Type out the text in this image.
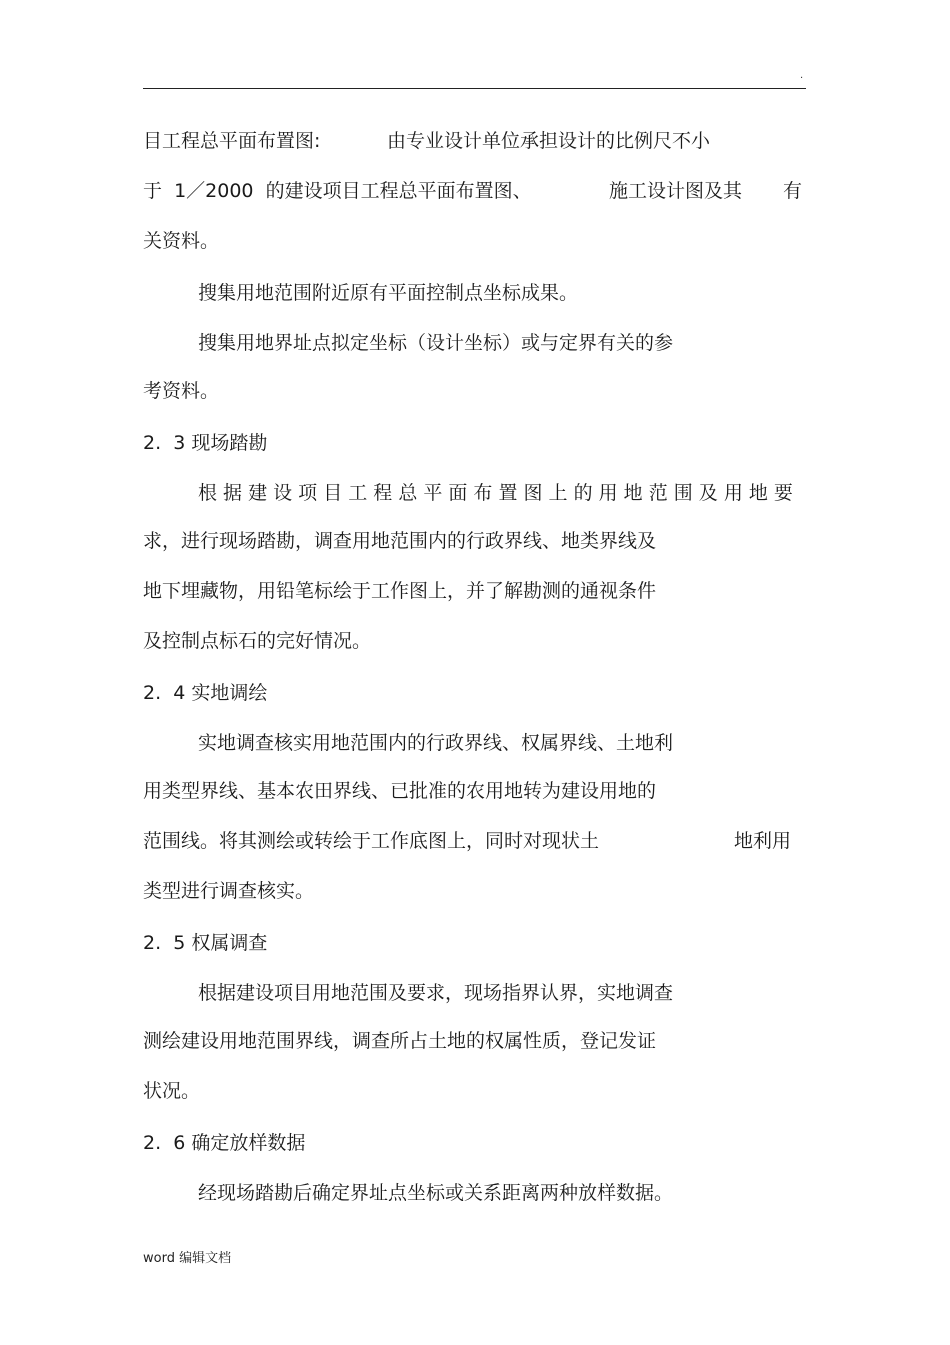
.
目工程总平面布置图:	由专业设计单位承担设计的比例尺不小
于  1／2000  的建设项目工程总平面布置图、	施工设计图及其 有
关资料。
搜集用地范围附近原有平面控制点坐标成果。
搜集用地界址点拟定坐标（设计坐标）或与定界有关的参
考资料。
2.  3 现场踏勘
根 据 建 设 项 目 工 程 总 平 面 布 置 图 上 的 用 地 范 围 及 用 地 要
求，进行现场踏勘，调查用地范围内的行政界线、地类界线及
地下埋藏物，用铅笔标绘于工作图上，并了解勘测的通视条件
及控制点标石的完好情况。
2.  4 实地调绘
实地调查核实用地范围内的行政界线、权属界线、土地利
用类型界线、基本农田界线、已批准的农用地转为建设用地的
范围线。将其测绘或转绘于工作底图上，同时对现状土	地利用
类型进行调查核实。
2.  5 权属调查
根据建设项目用地范围及要求，现场指界认界，实地调查
测绘建设用地范围界线，调查所占土地的权属性质，登记发证
状况。
2.  6 确定放样数据
经现场踏勘后确定界址点坐标或关系距离两种放样数据。
word 编辑文档
